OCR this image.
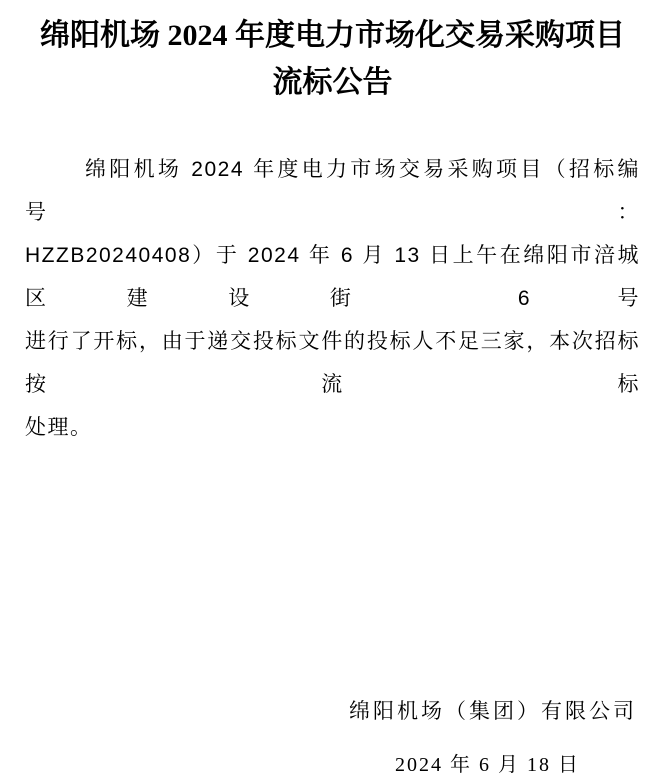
绵阳机场 2024 年度电力市场化交易采购项目
流标公告
绵阳机场 2024 年度电力市场交易采购项目（招标编号：
HZZB20240408）于 2024 年 6 月 13 日上午在绵阳市涪城区建设街 6 号
进行了开标，由于递交投标文件的投标人不足三家，本次招标按流标
处理。
绵阳机场（集团）有限公司
2024 年 6 月 18 日
